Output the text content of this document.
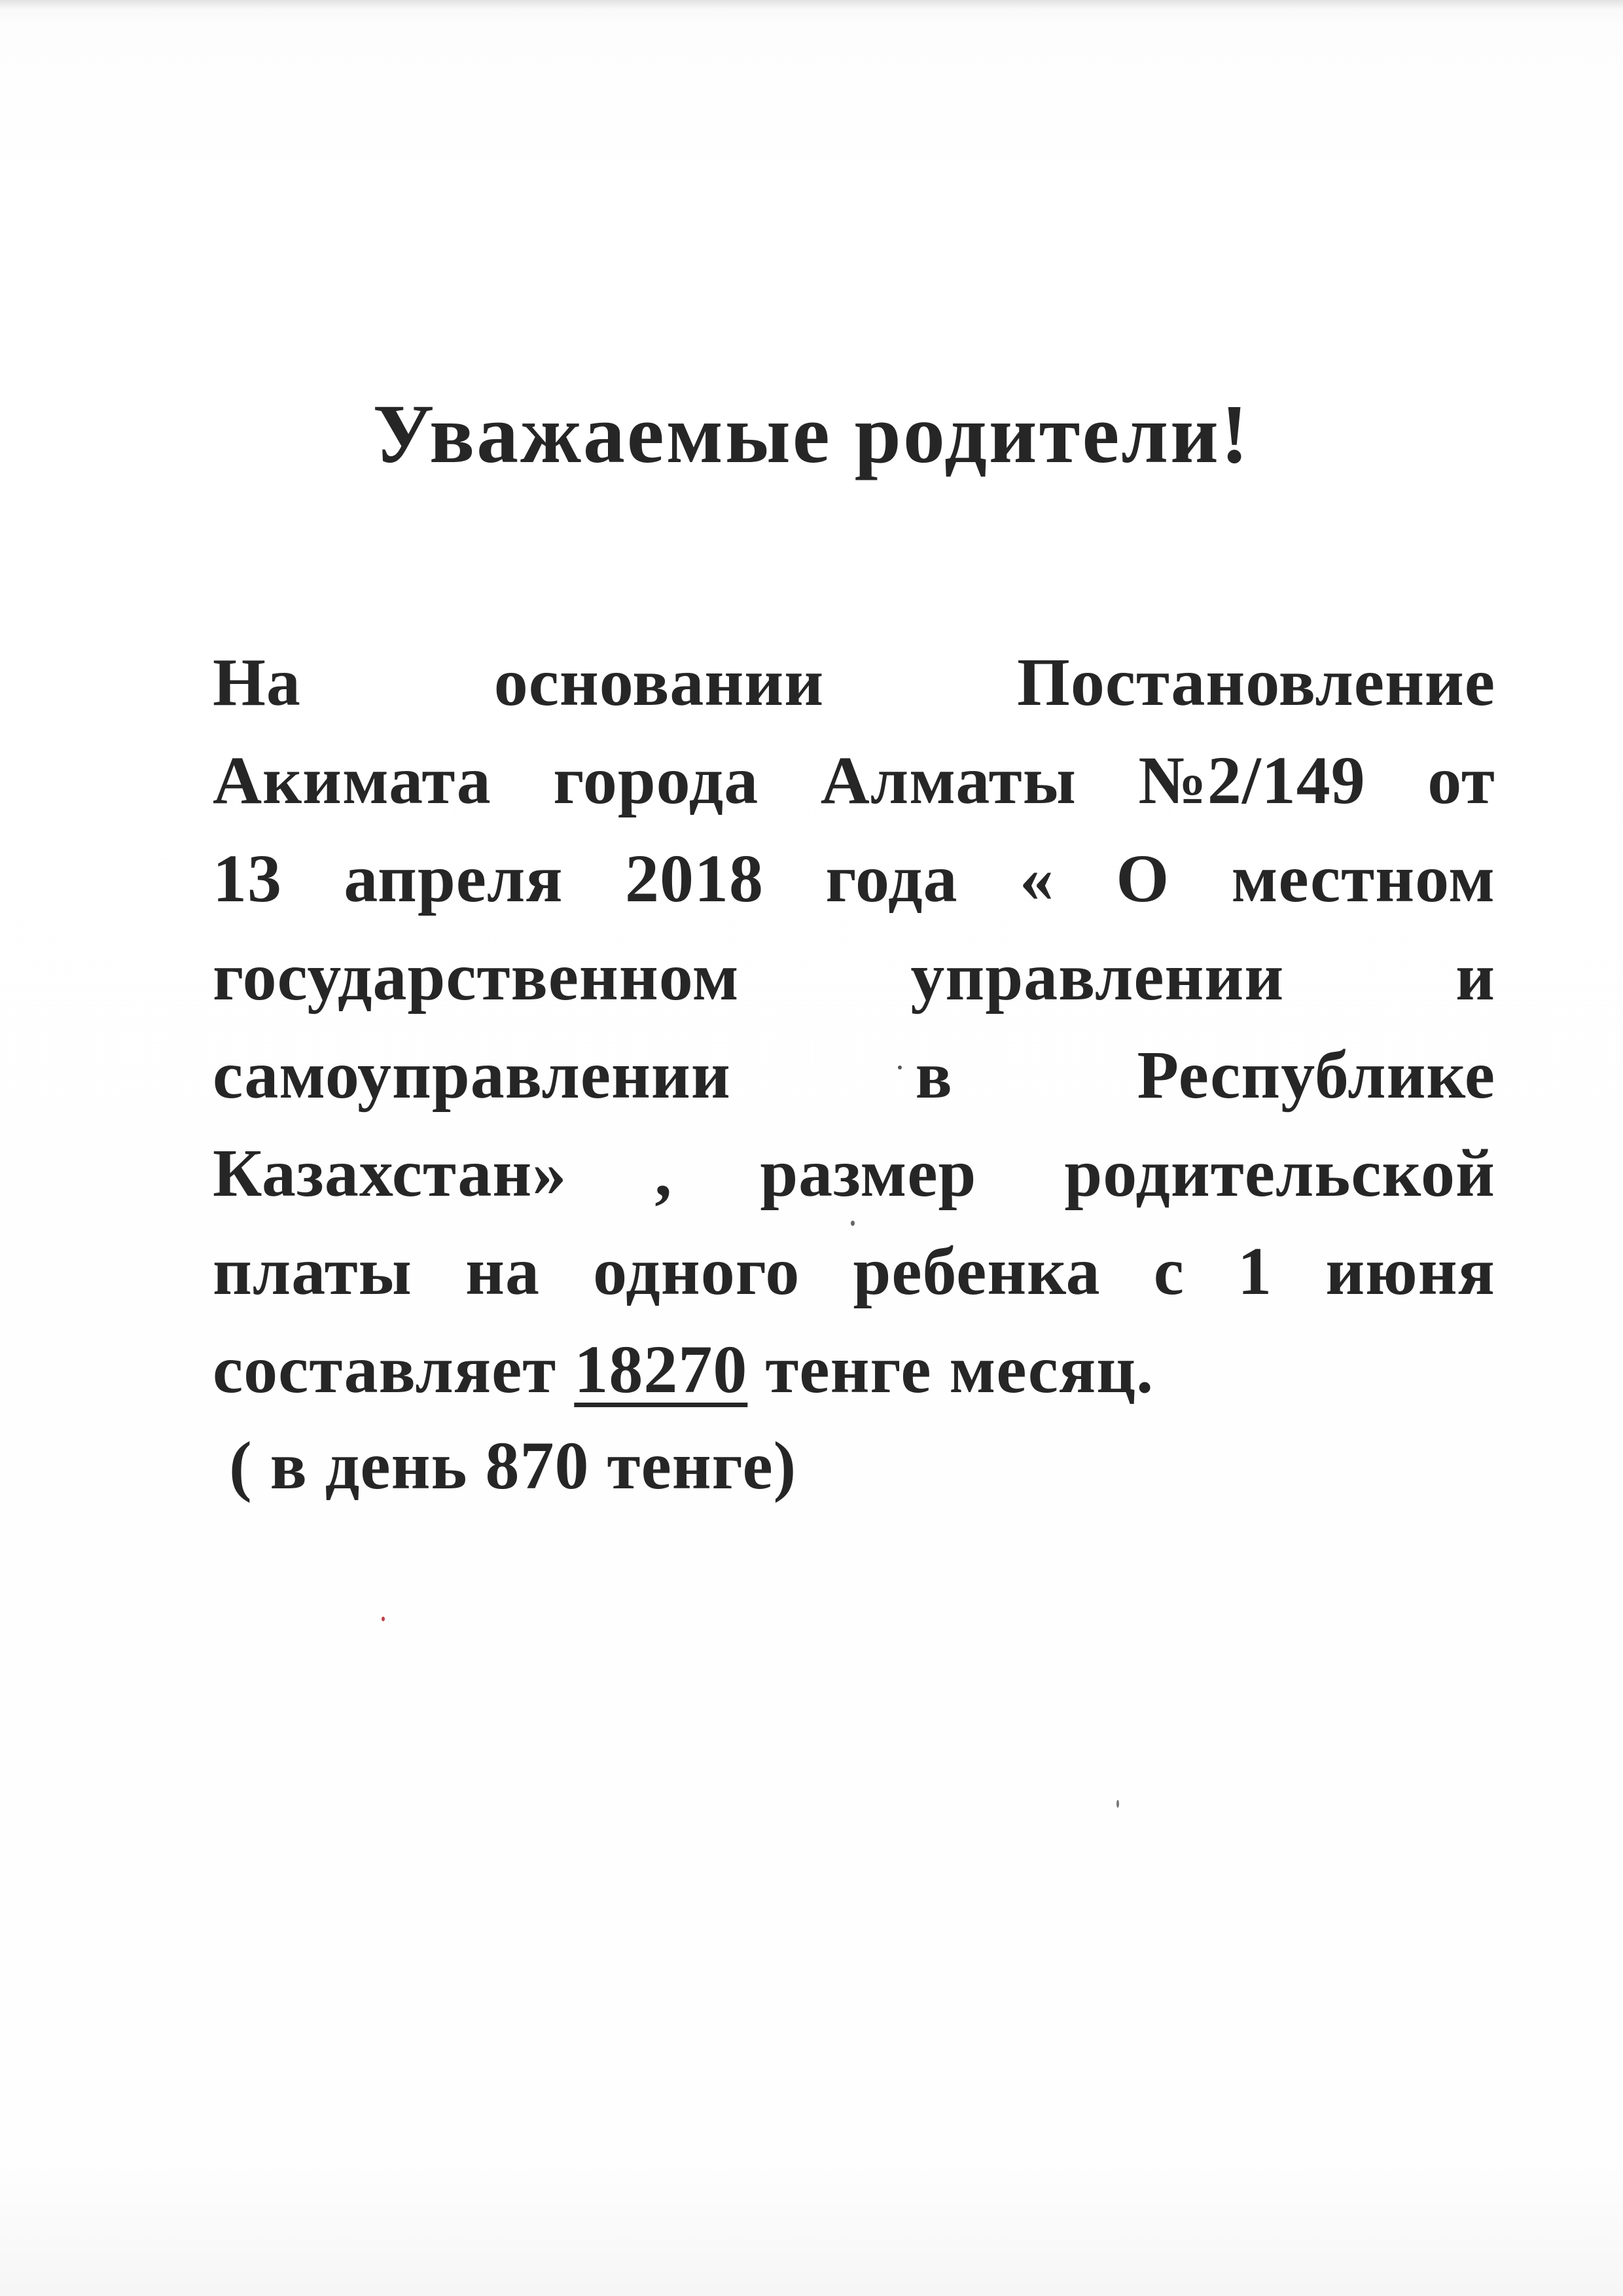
Уважаемые родители!
На	основании	Постановление
Акимата города Алматы №2/149 от
13 апреля 2018 года « О местном
государственном	управлении	и
самоуправлении	в	Республике
Казахстан» , размер родительской
платы на одного ребенка с 1 июня
составляет 18270 тенге месяц.
( в день 870 тенге)
